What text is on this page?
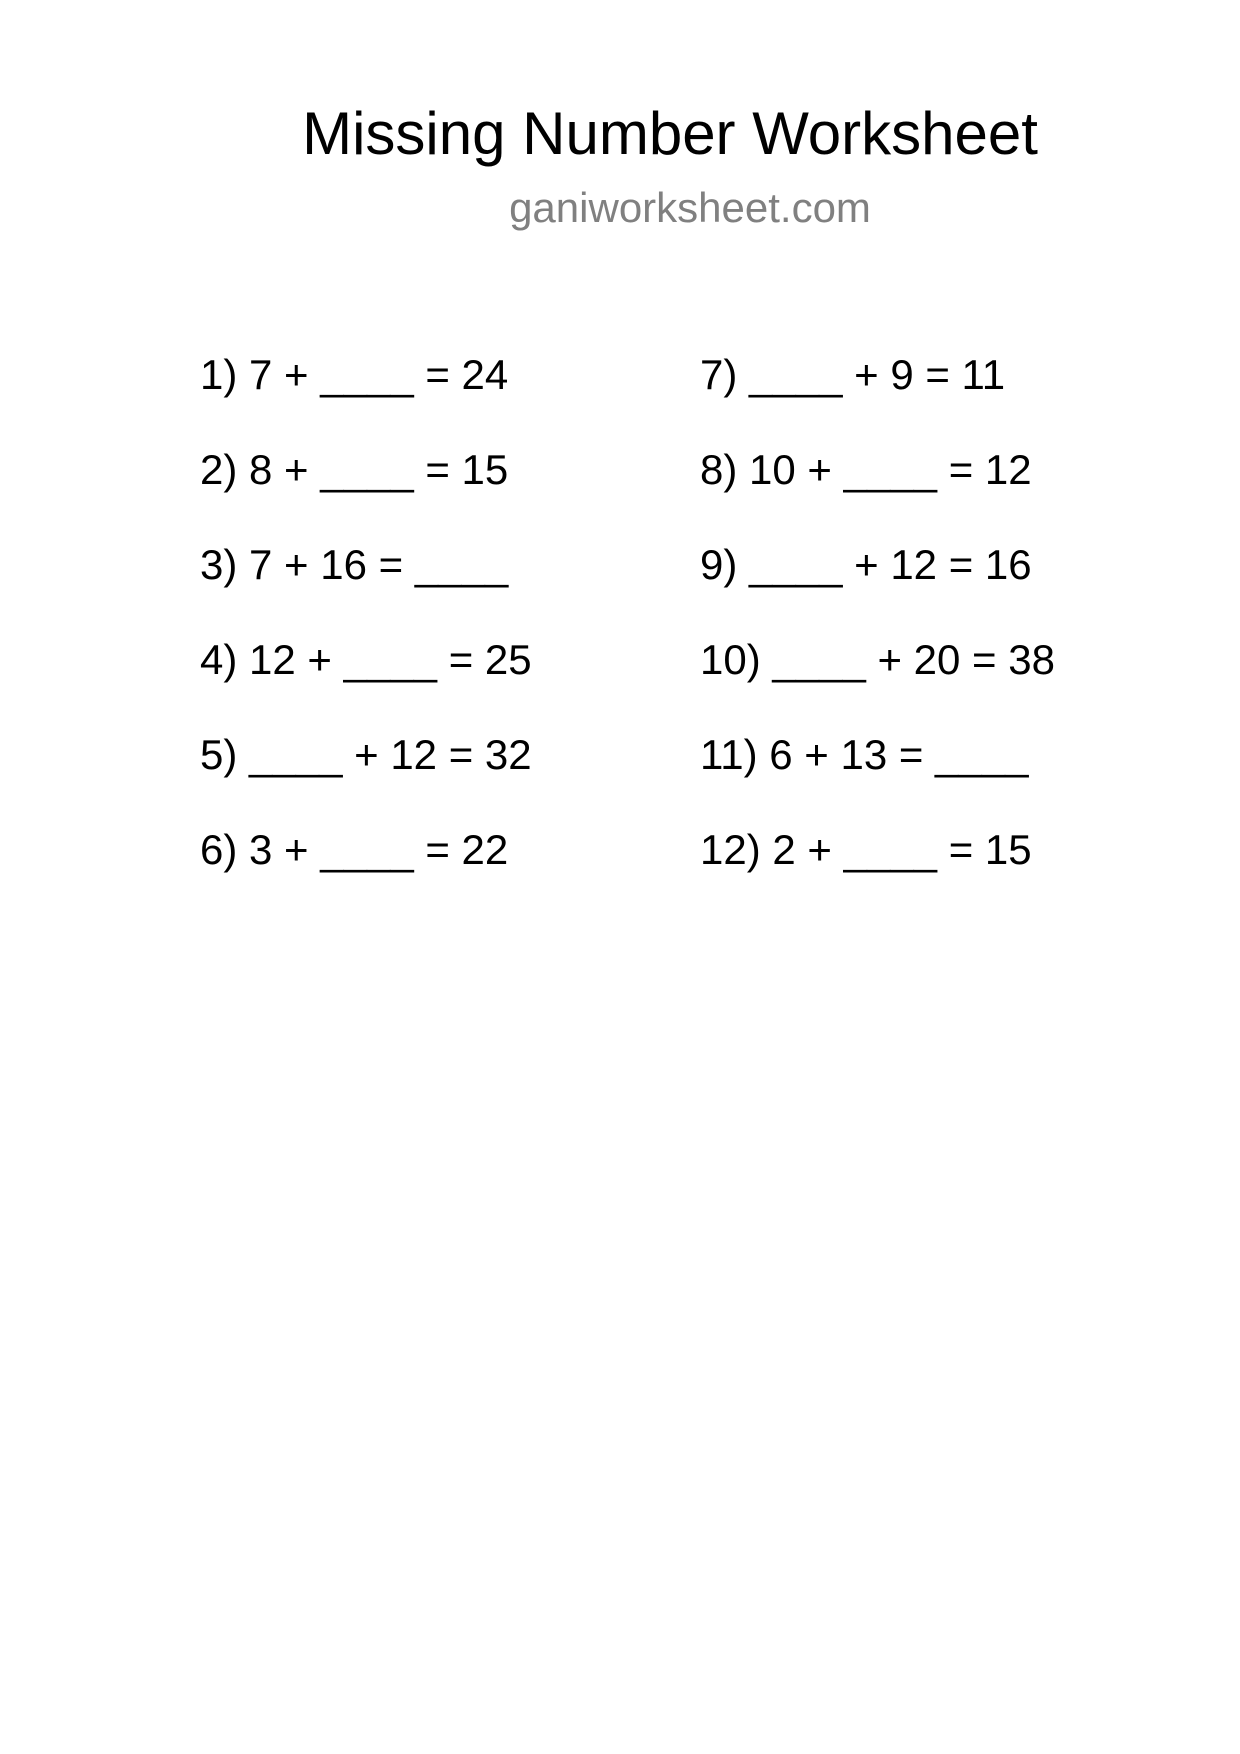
Missing Number Worksheet
ganiworksheet.com
1) 7 + ____ = 24
2) 8 + ____ = 15
3) 7 + 16 = ____
4) 12 + ____ = 25
5) ____ + 12 = 32
6) 3 + ____ = 22
7) ____ + 9 = 11
8) 10 + ____ = 12
9) ____ + 12 = 16
10) ____ + 20 = 38
11) 6 + 13 = ____
12) 2 + ____ = 15
